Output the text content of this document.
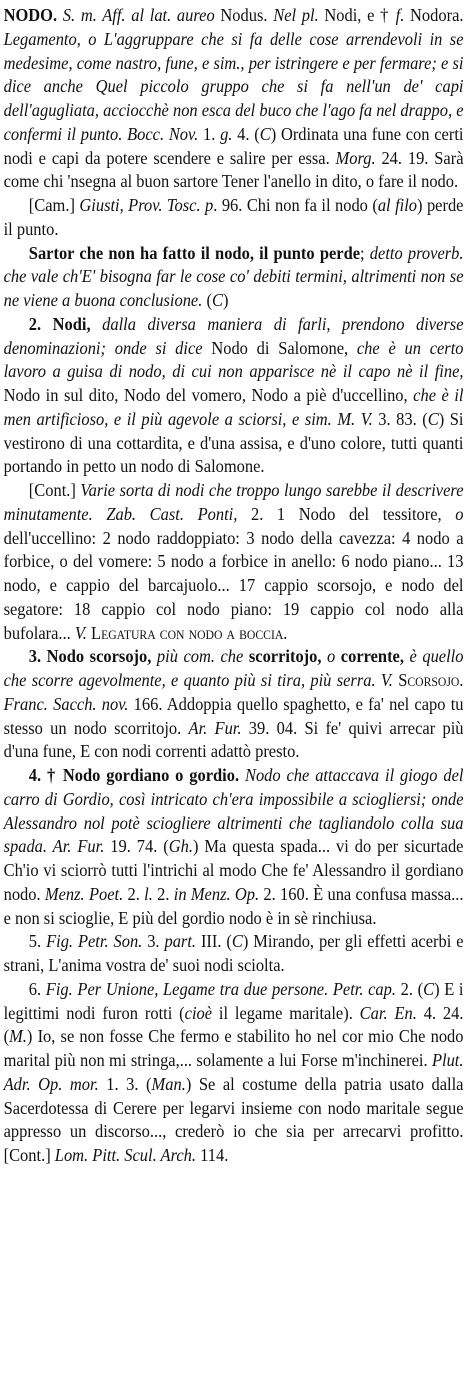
NODO. S. m. Aff. al lat. aureo Nodus. Nel pl. Nodi, e † f. Nodora. Legamento, o L'aggruppare che si fa delle cose arrendevoli in se medesime, come nastro, fune, e sim., per istringere e per fermare; e si dice anche Quel piccolo gruppo che si fa nell'un de' capi dell'agugliata, acciocchè non esca del buco che l'ago fa nel drappo, e confermi il punto. Bocc. Nov. 1. g. 4. (C) Ordinata una fune con certi nodi e capi da potere scendere e salire per essa. Morg. 24. 19. Sarà come chi 'nsegna al buon sartore Tener l'anello in dito, o fare il nodo.

[Cam.] Giusti, Prov. Tosc. p. 96. Chi non fa il nodo (al filo) perde il punto.

Sartor che non ha fatto il nodo, il punto perde; detto proverb. che vale ch'E' bisogna far le cose co' debiti termini, altrimenti non se ne viene a buona conclusione. (C)

2. Nodi, dalla diversa maniera di farli, prendono diverse denominazioni; onde si dice Nodo di Salomone, che è un certo lavoro a guisa di nodo, di cui non apparisce nè il capo nè il fine, Nodo in sul dito, Nodo del vomero, Nodo a piè d'uccellino, che è il men artificioso, e il più agevole a sciorsi, e sim. M. V. 3. 83. (C) Si vestirono di una cottardita, e d'una assisa, e d'uno colore, tutti quanti portando in petto un nodo di Salomone.

[Cont.] Varie sorta di nodi che troppo lungo sarebbe il descrivere minutamente. Zab. Cast. Ponti, 2. 1 Nodo del tessitore, o dell'uccellino: 2 nodo raddoppiato: 3 nodo della cavezza: 4 nodo a forbice, o del vomere: 5 nodo a forbice in anello: 6 nodo piano... 13 nodo, e cappio del barcajuolo... 17 cappio scorsojo, e nodo del segatore: 18 cappio col nodo piano: 19 cappio col nodo alla bufolara... V. Legatura con nodo a boccia.

3. Nodo scorsojo, più com. che scorritojo, o corrente, è quello che scorre agevolmente, e quanto più si tira, più serra. V. Scorsojo. Franc. Sacch. nov. 166. Addoppia quello spaghetto, e fa' nel capo tu stesso un nodo scorritojo. Ar. Fur. 39. 04. Si fe' quivi arrecar più d'una fune, E con nodi correnti adattò presto.

4. † Nodo gordiano o gordio. Nodo che attaccava il giogo del carro di Gordio, così intricato ch'era impossibile a sciogliersi; onde Alessandro nol potè sciogliere altrimenti che tagliandolo colla sua spada. Ar. Fur. 19. 74. (Gh.) Ma questa spada... vi do per sicurtade Ch'io vi sciorrò tutti l'intrichi al modo Che fe' Alessandro il gordiano nodo. Menz. Poet. 2. l. 2. in Menz. Op. 2. 160. È una confusa massa... e non si scioglie, E più del gordio nodo è in sè rinchiusa.

5. Fig. Petr. Son. 3. part. III. (C) Mirando, per gli effetti acerbi e strani, L'anima vostra de' suoi nodi sciolta.

6. Fig. Per Unione, Legame tra due persone. Petr. cap. 2. (C) E i legittimi nodi furon rotti (cioè il legame maritale). Car. En. 4. 24. (M.) Io, se non fosse Che fermo e stabilito ho nel cor mio Che nodo marital più non mi stringa,... solamente a lui Forse m'inchinerei. Plut. Adr. Op. mor. 1. 3. (Man.) Se al costume della patria usato dalla Sacerdotessa di Cerere per legarvi insieme con nodo maritale segue appresso un discorso..., crederò io che sia per arrecarvi profitto. [Cont.] Lom. Pitt. Scul. Arch. 114.
